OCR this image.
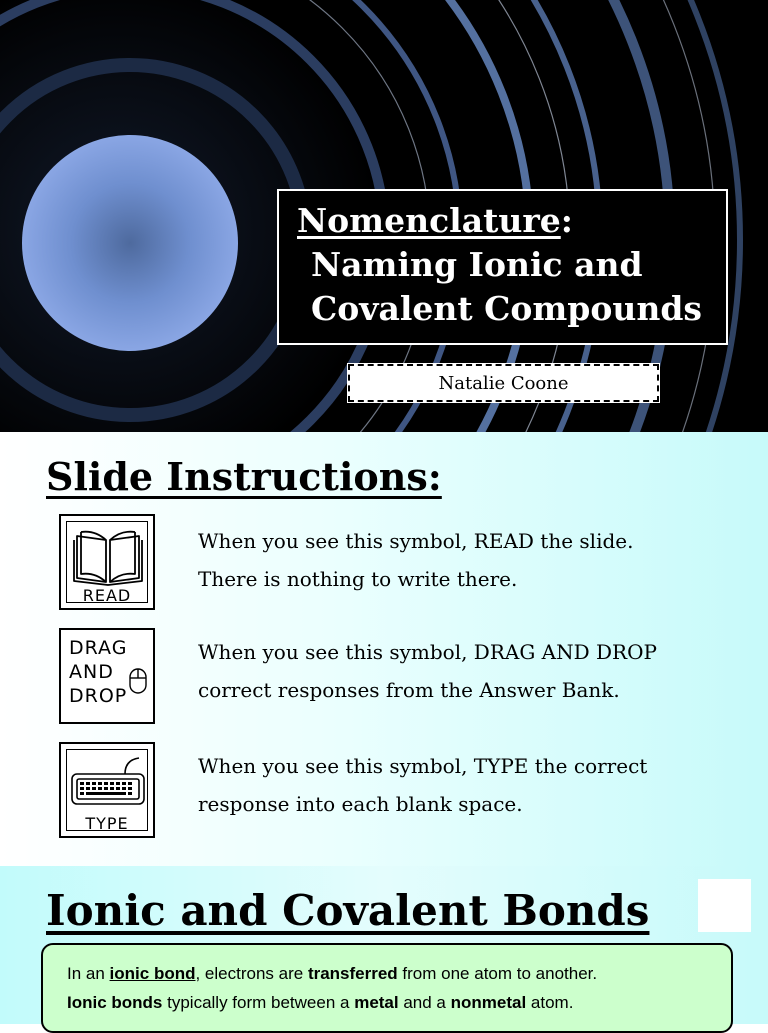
Nomenclature:
Naming Ionic and
Covalent Compounds
Natalie Coone
Slide Instructions:
READ
DRAG
AND
DROP
TYPE
When you see this symbol, READ the slide.
There is nothing to write there.
When you see this symbol, DRAG AND DROP
correct responses from the Answer Bank.
When you see this symbol, TYPE the correct
response into each blank space.
Ionic and Covalent Bonds
In an ionic bond, electrons are transferred from one atom to another.
Ionic bonds typically form between a metal and a nonmetal atom.
